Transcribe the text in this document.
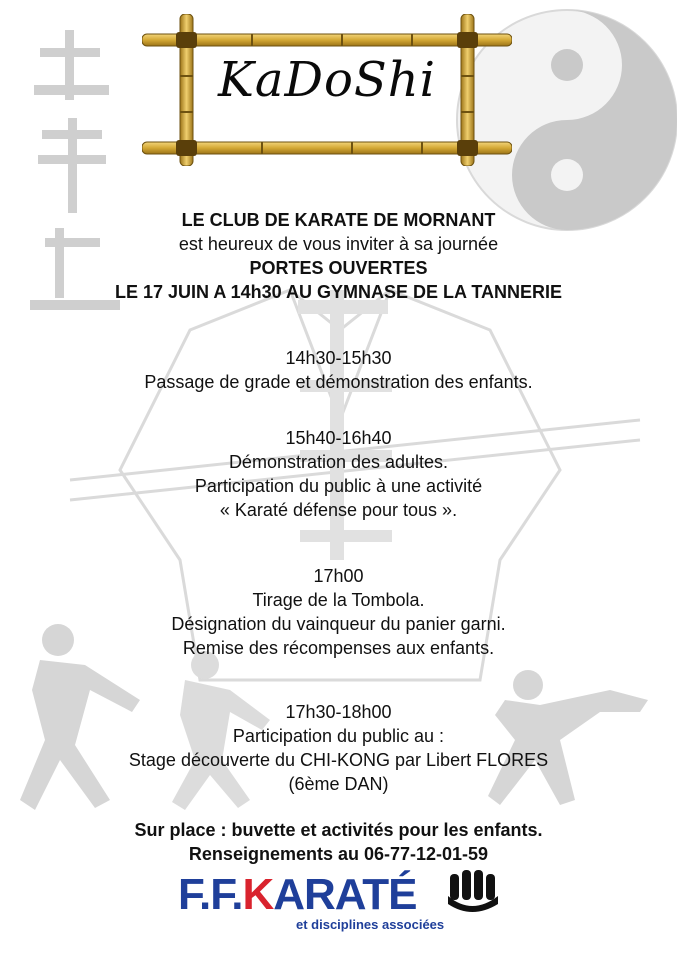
KaDoShi
LE CLUB DE KARATE DE MORNANT
est heureux de vous inviter à sa journée
PORTES OUVERTES
LE 17 JUIN A 14h30 AU GYMNASE DE LA TANNERIE
14h30-15h30
Passage de grade et démonstration des enfants.
15h40-16h40
Démonstration des adultes.
Participation du public à une activité
« Karaté défense pour tous ».
17h00
Tirage de la Tombola.
Désignation du vainqueur du panier garni.
Remise des récompenses aux enfants.
17h30-18h00
Participation du public au :
Stage découverte du CHI-KONG par Libert FLORES
(6ème DAN)
Sur place : buvette et activités pour les enfants.
Renseignements au 06-77-12-01-59
F.F.KARATÉ
et disciplines associées
